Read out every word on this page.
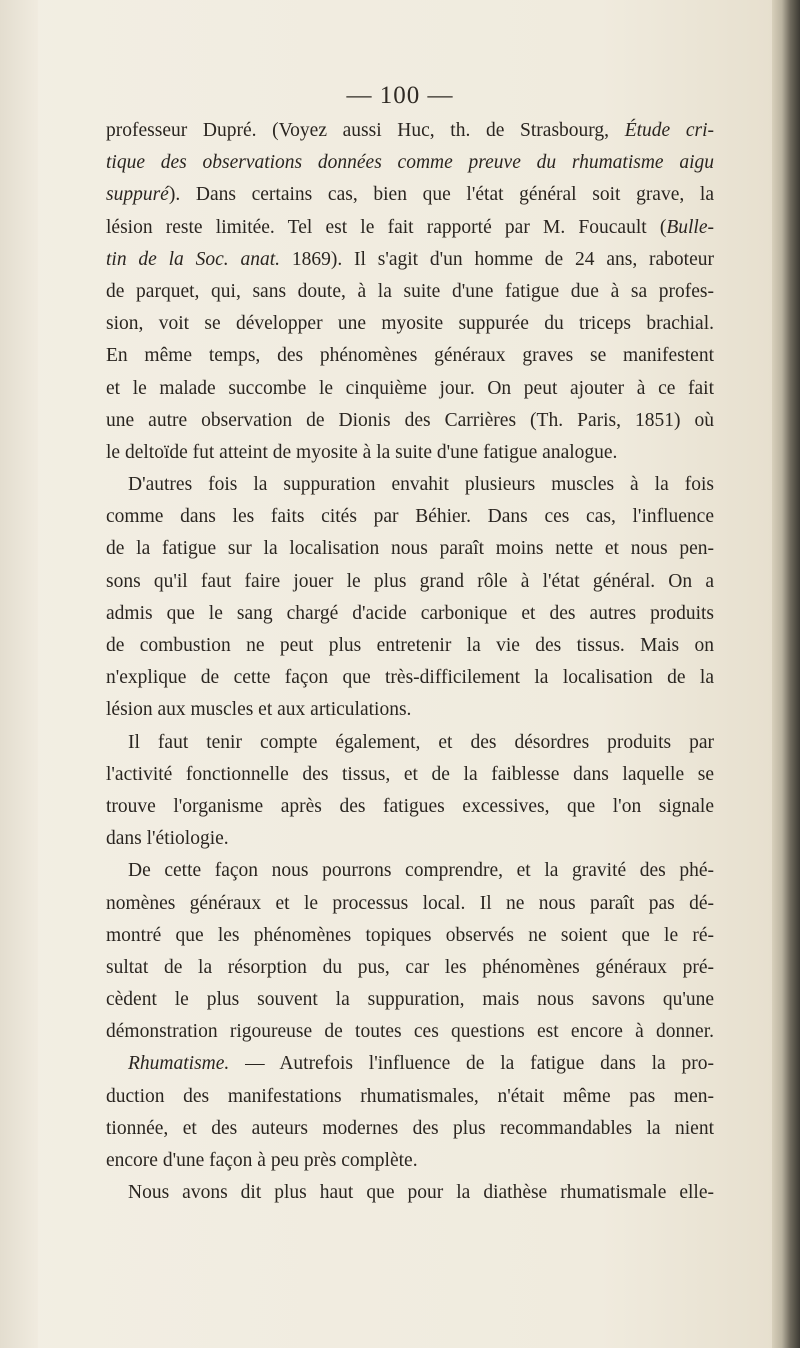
— 100 —
professeur Dupré. (Voyez aussi Huc, th. de Strasbourg, Étude cri-
tique des observations données comme preuve du rhumatisme aigu
suppuré). Dans certains cas, bien que l'état général soit grave, la
lésion reste limitée. Tel est le fait rapporté par M. Foucault (Bulle-
tin de la Soc. anat. 1869). Il s'agit d'un homme de 24 ans, raboteur
de parquet, qui, sans doute, à la suite d'une fatigue due à sa profes-
sion, voit se développer une myosite suppurée du triceps brachial.
En même temps, des phénomènes généraux graves se manifestent
et le malade succombe le cinquième jour. On peut ajouter à ce fait
une autre observation de Dionis des Carrières (Th. Paris, 1851) où
le deltoïde fut atteint de myosite à la suite d'une fatigue analogue.
D'autres fois la suppuration envahit plusieurs muscles à la fois
comme dans les faits cités par Béhier. Dans ces cas, l'influence
de la fatigue sur la localisation nous paraît moins nette et nous pen-
sons qu'il faut faire jouer le plus grand rôle à l'état général. On a
admis que le sang chargé d'acide carbonique et des autres produits
de combustion ne peut plus entretenir la vie des tissus. Mais on
n'explique de cette façon que très-difficilement la localisation de la
lésion aux muscles et aux articulations.
Il faut tenir compte également, et des désordres produits par
l'activité fonctionnelle des tissus, et de la faiblesse dans laquelle se
trouve l'organisme après des fatigues excessives, que l'on signale
dans l'étiologie.
De cette façon nous pourrons comprendre, et la gravité des phé-
nomènes généraux et le processus local. Il ne nous paraît pas dé-
montré que les phénomènes topiques observés ne soient que le ré-
sultat de la résorption du pus, car les phénomènes généraux pré-
cèdent le plus souvent la suppuration, mais nous savons qu'une
démonstration rigoureuse de toutes ces questions est encore à donner.
Rhumatisme. — Autrefois l'influence de la fatigue dans la pro-
duction des manifestations rhumatismales, n'était même pas men-
tionnée, et des auteurs modernes des plus recommandables la nient
encore d'une façon à peu près complète.
Nous avons dit plus haut que pour la diathèse rhumatismale elle-
